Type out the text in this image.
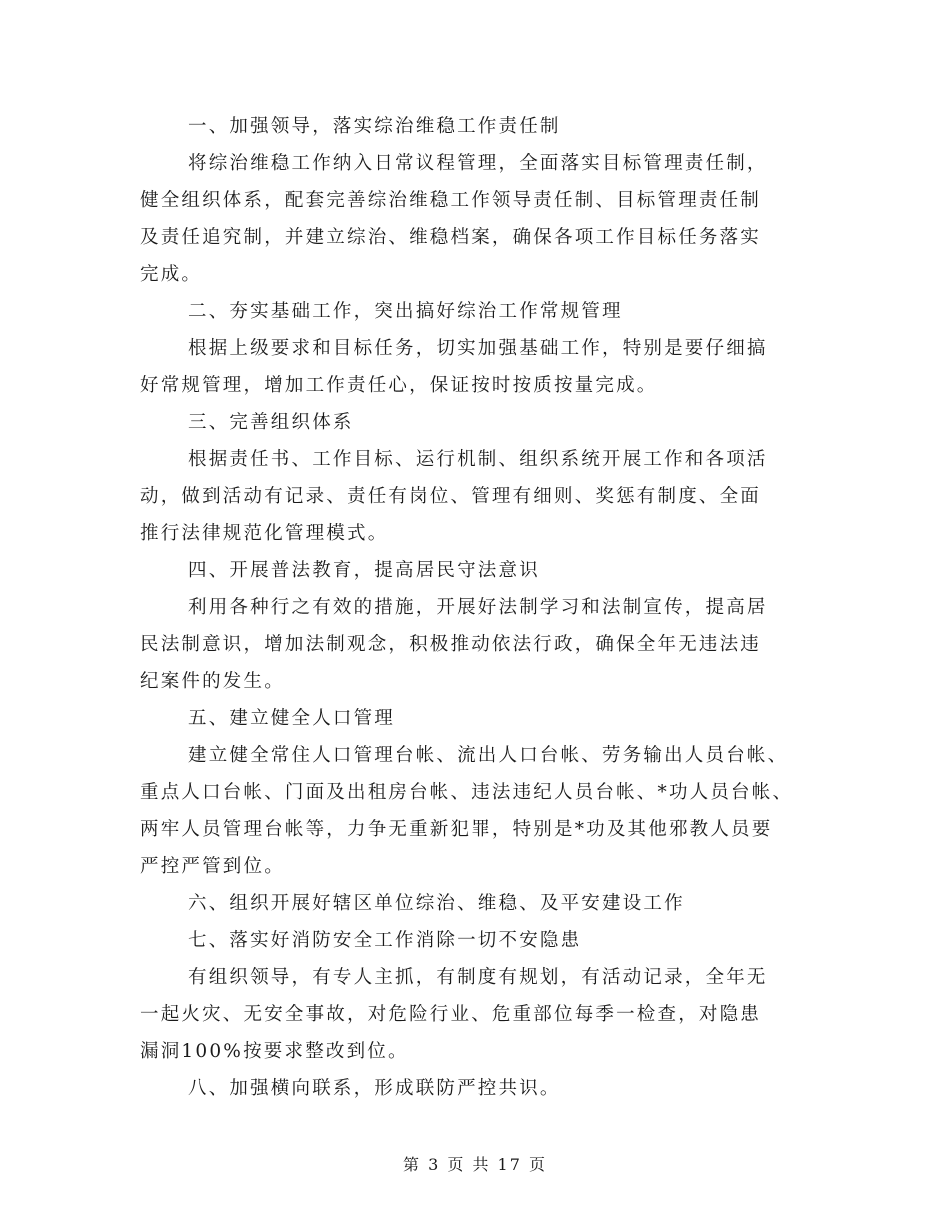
一、加强领导，落实综治维稳工作责任制

将综治维稳工作纳入日常议程管理，全面落实目标管理责任制，
健全组织体系，配套完善综治维稳工作领导责任制、目标管理责任制
及责任追究制，并建立综治、维稳档案，确保各项工作目标任务落实
完成。

二、夯实基础工作，突出搞好综治工作常规管理

根据上级要求和目标任务，切实加强基础工作，特别是要仔细搞
好常规管理，增加工作责任心，保证按时按质按量完成。

三、完善组织体系

根据责任书、工作目标、运行机制、组织系统开展工作和各项活
动，做到活动有记录、责任有岗位、管理有细则、奖惩有制度、全面
推行法律规范化管理模式。

四、开展普法教育，提高居民守法意识

利用各种行之有效的措施，开展好法制学习和法制宣传，提高居
民法制意识，增加法制观念，积极推动依法行政，确保全年无违法违
纪案件的发生。

五、建立健全人口管理

建立健全常住人口管理台帐、流出人口台帐、劳务输出人员台帐、
重点人口台帐、门面及出租房台帐、违法违纪人员台帐、*功人员台帐、
两牢人员管理台帐等，力争无重新犯罪，特别是*功及其他邪教人员要
严控严管到位。

六、组织开展好辖区单位综治、维稳、及平安建设工作

七、落实好消防安全工作消除一切不安隐患

有组织领导，有专人主抓，有制度有规划，有活动记录，全年无
一起火灾、无安全事故，对危险行业、危重部位每季一检查，对隐患
漏洞100%按要求整改到位。

八、加强横向联系，形成联防严控共识。

第 3 页 共 17 页
